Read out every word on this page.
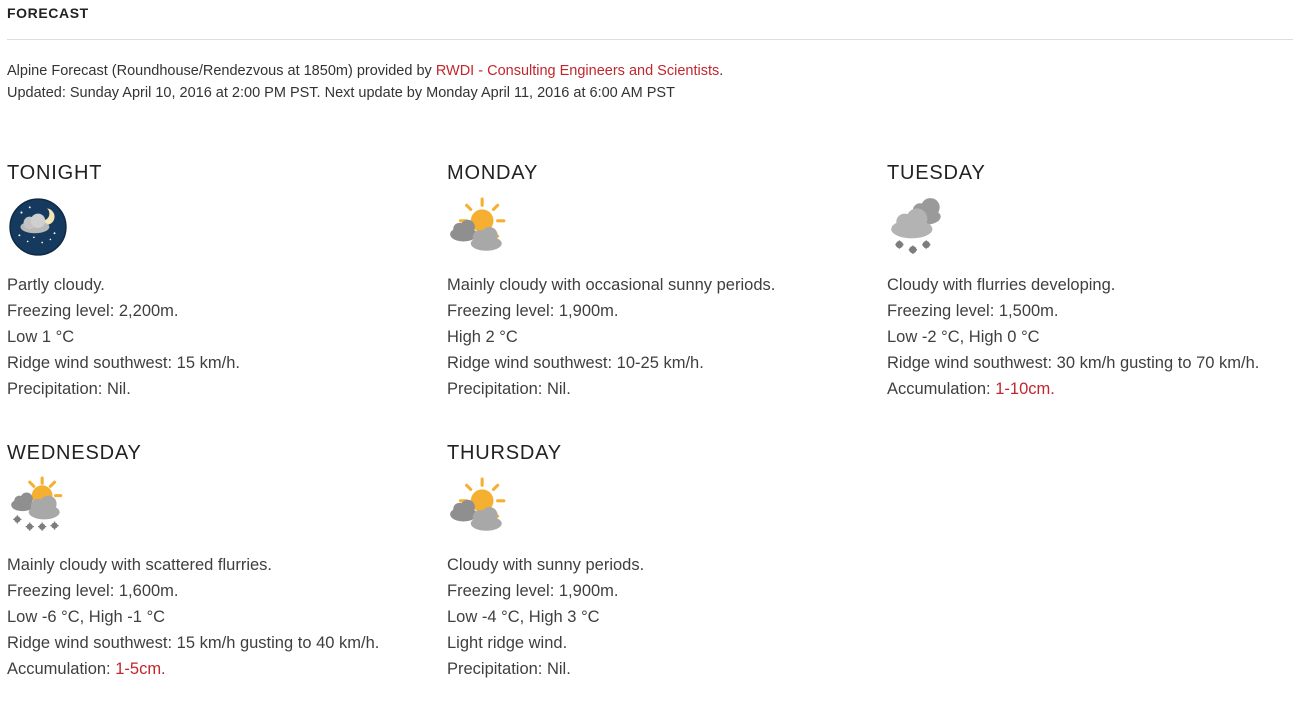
FORECAST
Alpine Forecast (Roundhouse/Rendezvous at 1850m) provided by RWDI - Consulting Engineers and Scientists.
Updated: Sunday April 10, 2016 at 2:00 PM PST. Next update by Monday April 11, 2016 at 6:00 AM PST
TONIGHT
Partly cloudy.
Freezing level: 2,200m.
Low 1 °C
Ridge wind southwest: 15 km/h.
Precipitation: Nil.
MONDAY
Mainly cloudy with occasional sunny periods.
Freezing level: 1,900m.
High 2 °C
Ridge wind southwest: 10-25 km/h.
Precipitation: Nil.
TUESDAY
Cloudy with flurries developing.
Freezing level: 1,500m.
Low -2 °C, High 0 °C
Ridge wind southwest: 30 km/h gusting to 70 km/h.
Accumulation: 1-10cm.
WEDNESDAY
Mainly cloudy with scattered flurries.
Freezing level: 1,600m.
Low -6 °C, High -1 °C
Ridge wind southwest: 15 km/h gusting to 40 km/h.
Accumulation: 1-5cm.
THURSDAY
Cloudy with sunny periods.
Freezing level: 1,900m.
Low -4 °C, High 3 °C
Light ridge wind.
Precipitation: Nil.
